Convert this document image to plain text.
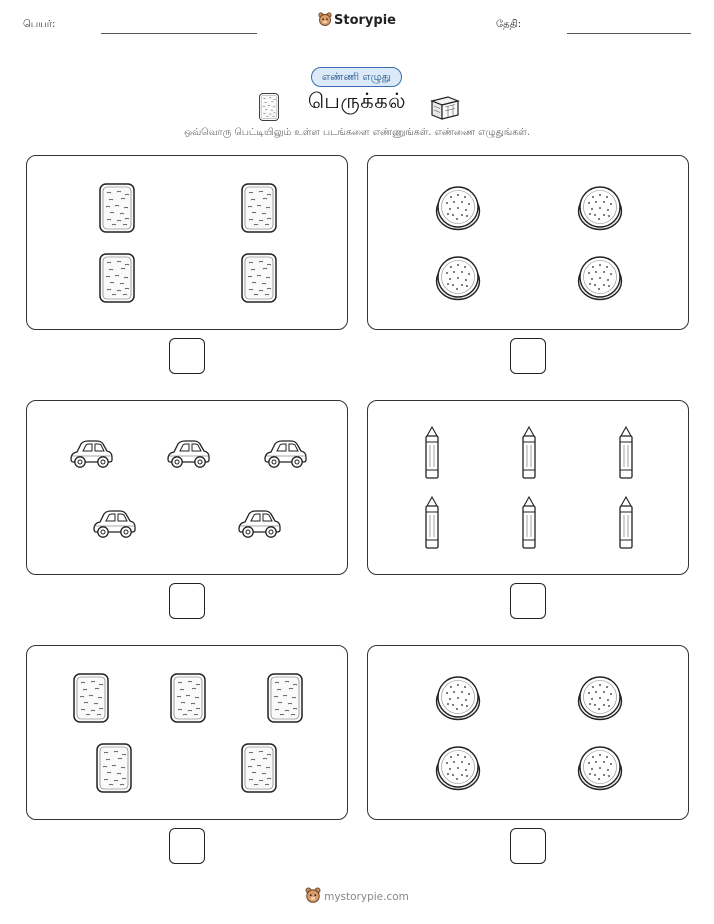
பெயர்:	Storypie	தேதி:
எண்ணி எழுது
பெருக்கல்
ஒவ்வொரு பெட்டியிலும் உள்ள படங்களை எண்ணுங்கள். எண்ணை எழுதுங்கள்.
mystorypie.com
